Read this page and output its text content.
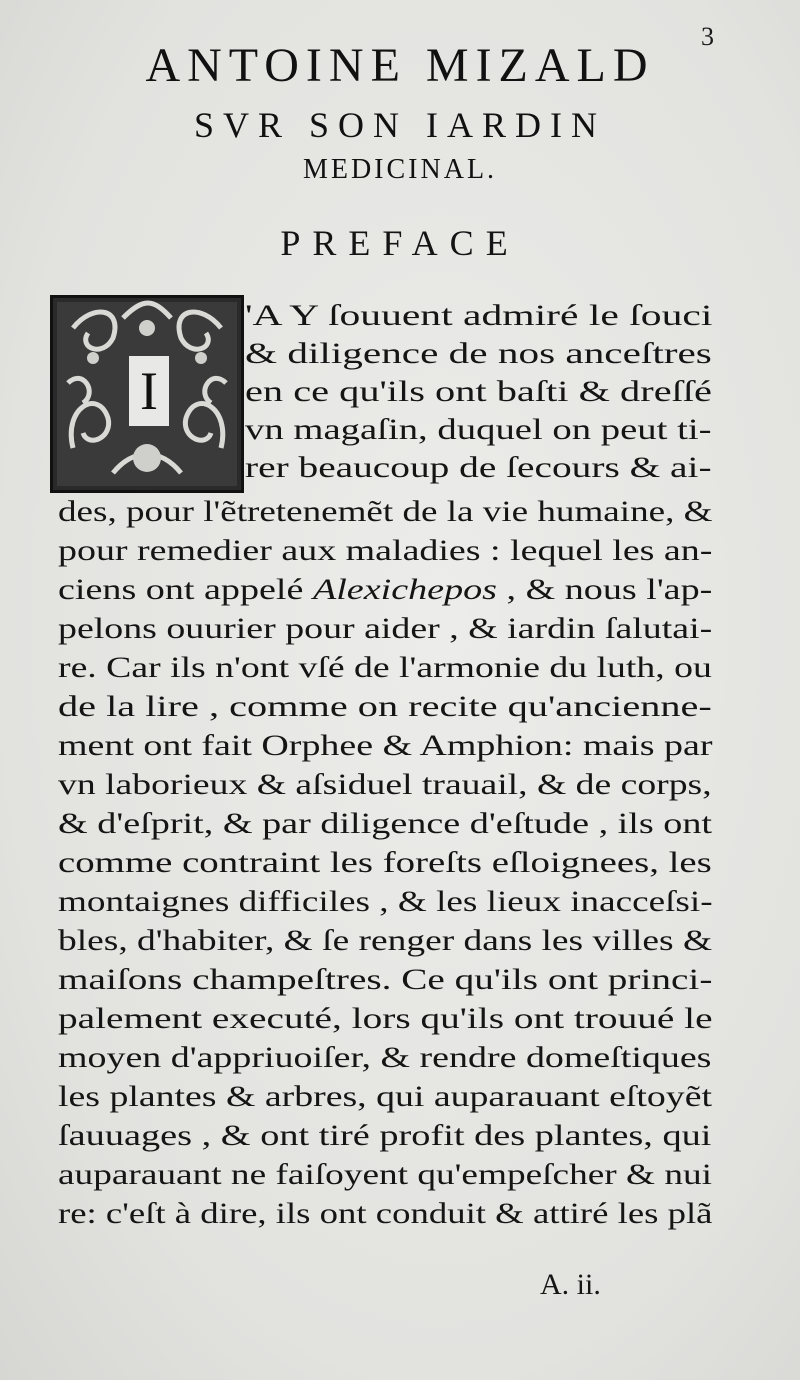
3
ANTOINE MIZALD
SVR SON IARDIN
MEDICINAL.
PREFACE
I
'A Y ſouuent admiré le ſouci
& diligence de nos anceſtres
en ce qu'ils ont baſti & dreſſé
vn magaſin, duquel on peut ti-
rer beaucoup de ſecours & ai-
des, pour l'ẽtretenemẽt de la vie humaine, &
pour remedier aux maladies : lequel les an-
ciens ont appelé Alexichepos , & nous l'ap-
pelons ouurier pour aider , & iardin ſalutai-
re. Car ils n'ont vſé de l'armonie du luth, ou
de la lire , comme on recite qu'ancienne-
ment ont fait Orphee & Amphion: mais par
vn laborieux & aſsiduel trauail, & de corps,
& d'eſprit, & par diligence d'eſtude , ils ont
comme contraint les foreſts eſloignees, les
montaignes difficiles , & les lieux inacceſsi-
bles, d'habiter, & ſe renger dans les villes &
maiſons champeſtres. Ce qu'ils ont princi-
palement executé, lors qu'ils ont trouué le
moyen d'appriuoiſer, & rendre domeſtiques
les plantes & arbres, qui auparauant eſtoyẽt
ſauuages , & ont tiré profit des plantes, qui
auparauant ne faiſoyent qu'empeſcher & nui
re: c'eſt à dire, ils ont conduit & attiré les plã
A. ii.
